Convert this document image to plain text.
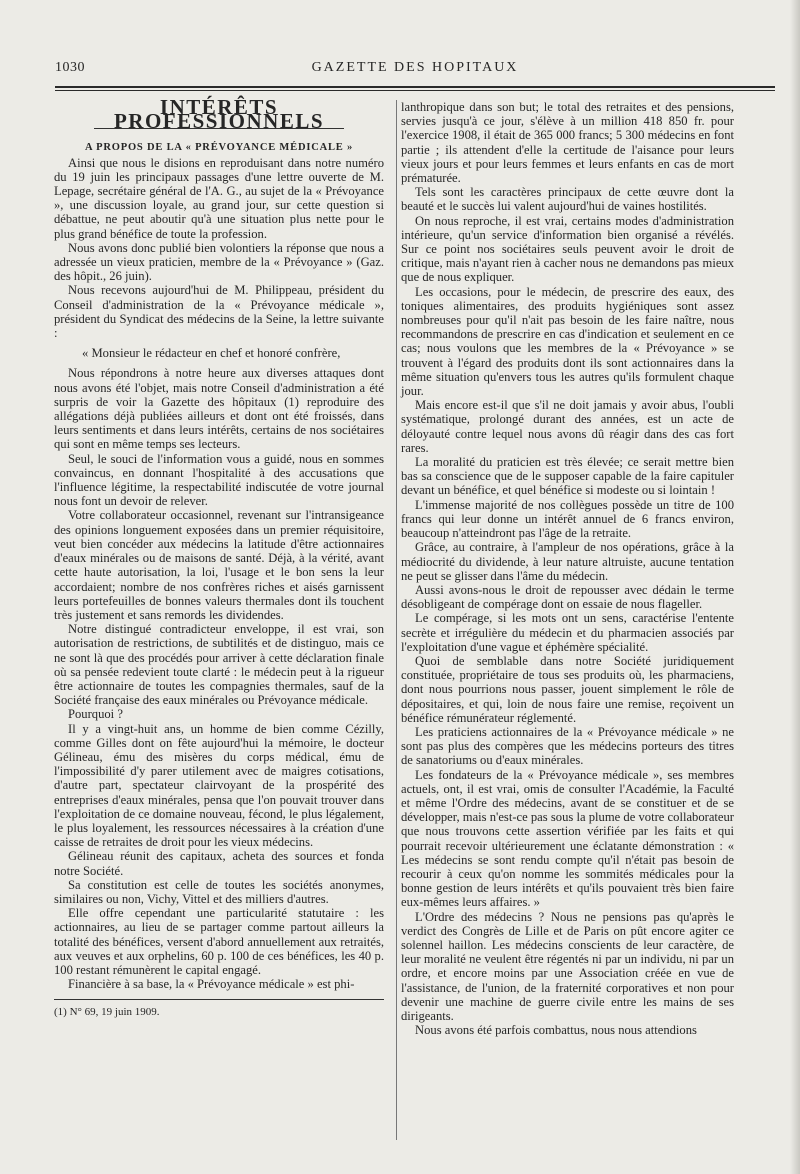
1030	GAZETTE DES HOPITAUX

INTÉRÊTS PROFESSIONNELS

A PROPOS DE LA « PRÉVOYANCE MÉDICALE »

Ainsi que nous le disions en reproduisant dans notre numéro du 19 juin les principaux passages d'une lettre ouverte de M. Lepage, secrétaire général de l'A. G., au sujet de la « Prévoyance », une discussion loyale, au grand jour, sur cette question si débattue, ne peut aboutir qu'à une situation plus nette pour le plus grand bénéfice de toute la profession.

Nous avons donc publié bien volontiers la réponse que nous a adressée un vieux praticien, membre de la « Prévoyance » (Gaz. des hôpit., 26 juin).

Nous recevons aujourd'hui de M. Philippeau, président du Conseil d'administration de la « Prévoyance médicale », président du Syndicat des médecins de la Seine, la lettre suivante :

« Monsieur le rédacteur en chef et honoré confrère,

Nous répondrons à notre heure aux diverses attaques dont nous avons été l'objet, mais notre Conseil d'administration a été surpris de voir la Gazette des hôpitaux (1) reproduire des allégations déjà publiées ailleurs et dont ont été froissés, dans leurs sentiments et dans leurs intérêts, certains de nos sociétaires qui sont en même temps ses lecteurs.

Seul, le souci de l'information vous a guidé, nous en sommes convaincus, en donnant l'hospitalité à des accusations que l'influence légitime, la respectabilité indiscutée de votre journal nous font un devoir de relever.

Votre collaborateur occasionnel, revenant sur l'intransigeance des opinions longuement exposées dans un premier réquisitoire, veut bien concéder aux médecins la latitude d'être actionnaires d'eaux minérales ou de maisons de santé. Déjà, à la vérité, avant cette haute autorisation, la loi, l'usage et le bon sens la leur accordaient; nombre de nos confrères riches et aisés garnissent leurs portefeuilles de bonnes valeurs thermales dont ils touchent très justement et sans remords les dividendes.

Notre distingué contradicteur enveloppe, il est vrai, son autorisation de restrictions, de subtilités et de distinguo, mais ce ne sont là que des procédés pour arriver à cette déclaration finale où sa pensée redevient toute clarté : le médecin peut à la rigueur être actionnaire de toutes les compagnies thermales, sauf de la Société française des eaux minérales ou Prévoyance médicale.

Pourquoi ?

Il y a vingt-huit ans, un homme de bien comme Cézilly, comme Gilles dont on fête aujourd'hui la mémoire, le docteur Gélineau, ému des misères du corps médical, ému de l'impossibilité d'y parer utilement avec de maigres cotisations, d'autre part, spectateur clairvoyant de la prospérité des entreprises d'eaux minérales, pensa que l'on pouvait trouver dans l'exploitation de ce domaine nouveau, fécond, le plus légalement, le plus loyalement, les ressources nécessaires à la création d'une caisse de retraites de droit pour les vieux médecins.

Gélineau réunit des capitaux, acheta des sources et fonda notre Société.

Sa constitution est celle de toutes les sociétés anonymes, similaires ou non, Vichy, Vittel et des milliers d'autres.

Elle offre cependant une particularité statutaire : les actionnaires, au lieu de se partager comme partout ailleurs la totalité des bénéfices, versent d'abord annuellement aux retraités, aux veuves et aux orphelins, 60 p. 100 de ces bénéfices, les 40 p. 100 restant rémunèrent le capital engagé.

Financière à sa base, la « Prévoyance médicale » est phi-

(1) N° 69, 19 juin 1909.

lanthropique dans son but; le total des retraites et des pensions, servies jusqu'à ce jour, s'élève à un million 418 850 fr. pour l'exercice 1908, il était de 365 000 francs; 5 300 médecins en font partie ; ils attendent d'elle la certitude de l'aisance pour leurs vieux jours et pour leurs femmes et leurs enfants en cas de mort prématurée.

Tels sont les caractères principaux de cette œuvre dont la beauté et le succès lui valent aujourd'hui de vaines hostilités.

On nous reproche, il est vrai, certains modes d'administration intérieure, qu'un service d'information bien organisé a révélés. Sur ce point nos sociétaires seuls peuvent avoir le droit de critique, mais n'ayant rien à cacher nous ne demandons pas mieux que de nous expliquer.

Les occasions, pour le médecin, de prescrire des eaux, des toniques alimentaires, des produits hygiéniques sont assez nombreuses pour qu'il n'ait pas besoin de les faire naître, nous recommandons de prescrire en cas d'indication et seulement en ce cas; nous voulons que les membres de la « Prévoyance » se trouvent à l'égard des produits dont ils sont actionnaires dans la même situation qu'envers tous les autres qu'ils formulent chaque jour.

Mais encore est-il que s'il ne doit jamais y avoir abus, l'oubli systématique, prolongé durant des années, est un acte de déloyauté contre lequel nous avons dû réagir dans des cas fort rares.

La moralité du praticien est très élevée; ce serait mettre bien bas sa conscience que de le supposer capable de la faire capituler devant un bénéfice, et quel bénéfice si modeste ou si lointain !

L'immense majorité de nos collègues possède un titre de 100 francs qui leur donne un intérêt annuel de 6 francs environ, beaucoup n'atteindront pas l'âge de la retraite.

Grâce, au contraire, à l'ampleur de nos opérations, grâce à la médiocrité du dividende, à leur nature altruiste, aucune tentation ne peut se glisser dans l'âme du médecin.

Aussi avons-nous le droit de repousser avec dédain le terme désobligeant de compérage dont on essaie de nous flageller.

Le compérage, si les mots ont un sens, caractérise l'entente secrète et irrégulière du médecin et du pharmacien associés par l'exploitation d'une vague et éphémère spécialité.

Quoi de semblable dans notre Société juridiquement constituée, propriétaire de tous ses produits où, les pharmaciens, dont nous pourrions nous passer, jouent simplement le rôle de dépositaires, et qui, loin de nous faire une remise, reçoivent un bénéfice rémunérateur réglementé.

Les praticiens actionnaires de la « Prévoyance médicale » ne sont pas plus des compères que les médecins porteurs des titres de sanatoriums ou d'eaux minérales.

Les fondateurs de la « Prévoyance médicale », ses membres actuels, ont, il est vrai, omis de consulter l'Académie, la Faculté et même l'Ordre des médecins, avant de se constituer et de se développer, mais n'est-ce pas sous la plume de votre collaborateur que nous trouvons cette assertion vérifiée par les faits et qui pourrait recevoir ultérieurement une éclatante démonstration : « Les médecins se sont rendu compte qu'il n'était pas besoin de recourir à ceux qu'on nomme les sommités médicales pour la bonne gestion de leurs intérêts et qu'ils pouvaient très bien faire eux-mêmes leurs affaires. »

L'Ordre des médecins ? Nous ne pensions pas qu'après le verdict des Congrès de Lille et de Paris on pût encore agiter ce solennel haillon. Les médecins conscients de leur caractère, de leur moralité ne veulent être régentés ni par un individu, ni par un ordre, et encore moins par une Association créée en vue de l'assistance, de l'union, de la fraternité corporatives et non pour devenir une machine de guerre civile entre les mains de ses dirigeants.

Nous avons été parfois combattus, nous nous attendions
